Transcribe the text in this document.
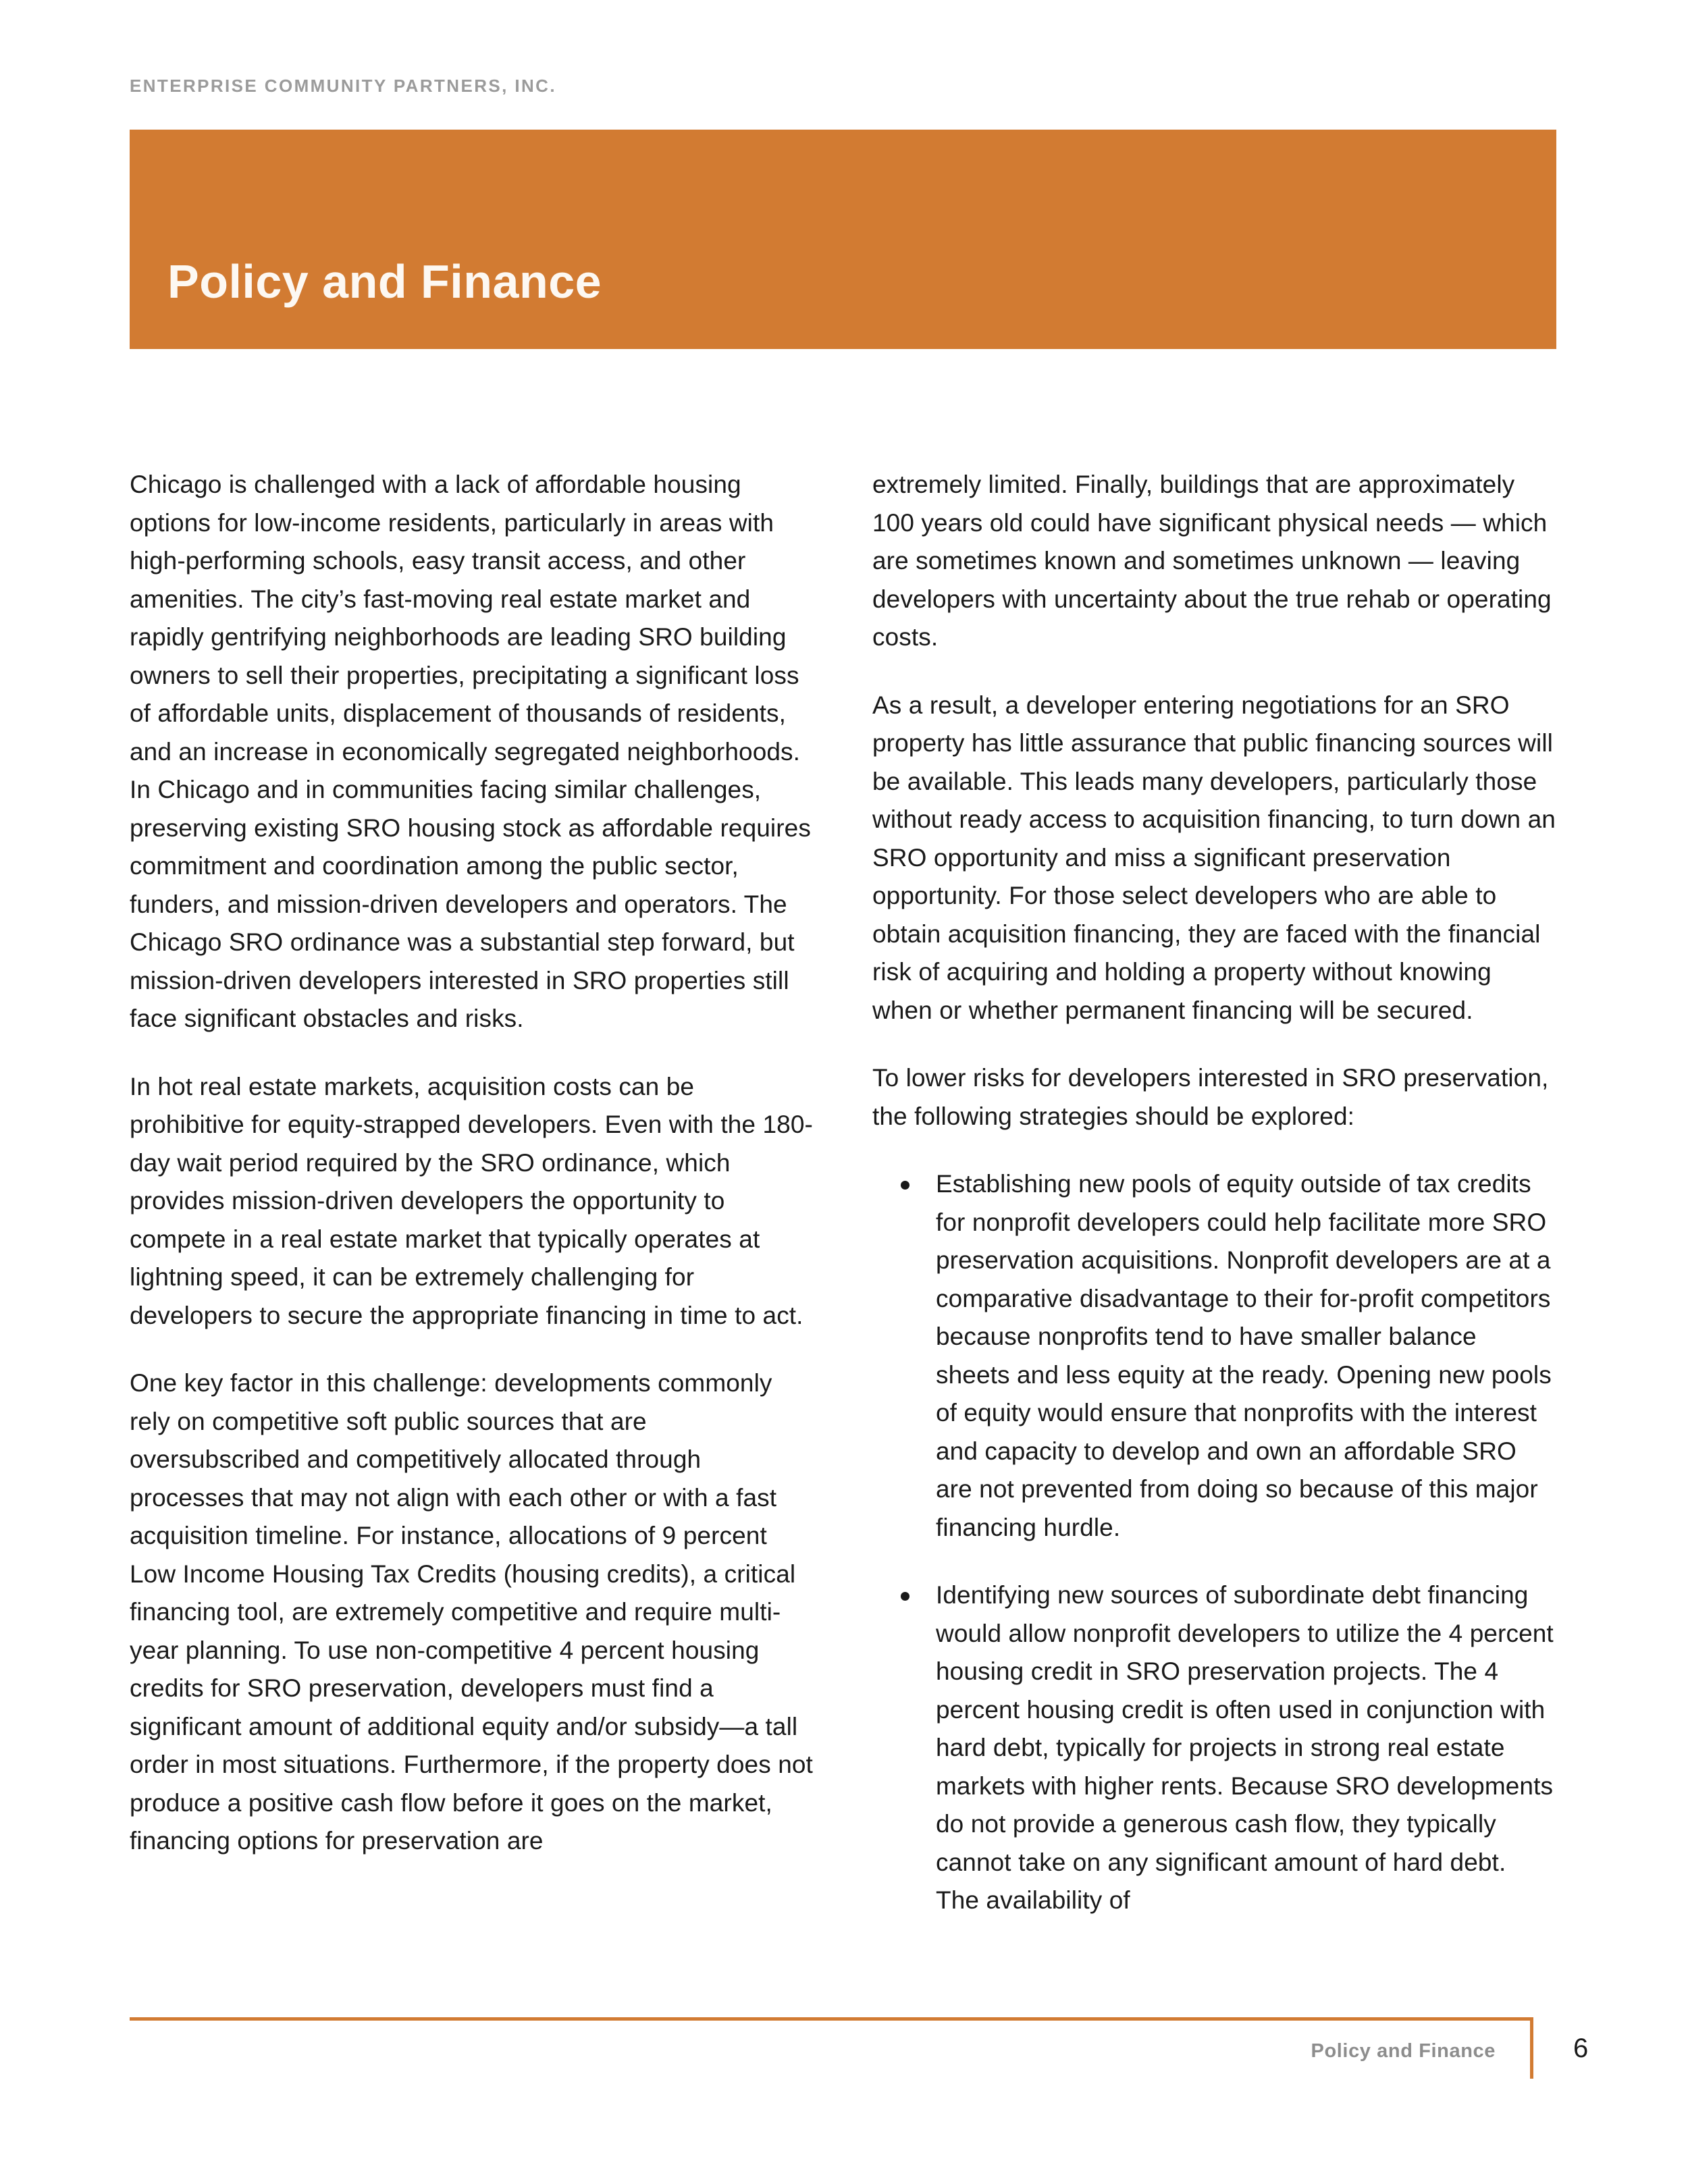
ENTERPRISE COMMUNITY PARTNERS, INC.
Policy and Finance

Chicago is challenged with a lack of affordable housing options for low-income residents, particularly in areas with high-performing schools, easy transit access, and other amenities. The city’s fast-moving real estate market and rapidly gentrifying neighborhoods are leading SRO building owners to sell their properties, precipitating a significant loss of affordable units, displacement of thousands of residents, and an increase in economically segregated neighborhoods. In Chicago and in communities facing similar challenges, preserving existing SRO housing stock as affordable requires commitment and coordination among the public sector, funders, and mission-driven developers and operators. The Chicago SRO ordinance was a substantial step forward, but mission-driven developers interested in SRO properties still face significant obstacles and risks.

In hot real estate markets, acquisition costs can be prohibitive for equity-strapped developers. Even with the 180-day wait period required by the SRO ordinance, which provides mission-driven developers the opportunity to compete in a real estate market that typically operates at lightning speed, it can be extremely challenging for developers to secure the appropriate financing in time to act.

One key factor in this challenge: developments commonly rely on competitive soft public sources that are oversubscribed and competitively allocated through processes that may not align with each other or with a fast acquisition timeline. For instance, allocations of 9 percent Low Income Housing Tax Credits (housing credits), a critical financing tool, are extremely competitive and require multi-year planning. To use non-competitive 4 percent housing credits for SRO preservation, developers must find a significant amount of additional equity and/or subsidy—a tall order in most situations. Furthermore, if the property does not produce a positive cash flow before it goes on the market, financing options for preservation are

extremely limited. Finally, buildings that are approximately 100 years old could have significant physical needs — which are sometimes known and sometimes unknown — leaving developers with uncertainty about the true rehab or operating costs.

As a result, a developer entering negotiations for an SRO property has little assurance that public financing sources will be available. This leads many developers, particularly those without ready access to acquisition financing, to turn down an SRO opportunity and miss a significant preservation opportunity. For those select developers who are able to obtain acquisition financing, they are faced with the financial risk of acquiring and holding a property without knowing when or whether permanent financing will be secured.

To lower risks for developers interested in SRO preservation, the following strategies should be explored:

Establishing new pools of equity outside of tax credits for nonprofit developers could help facilitate more SRO preservation acquisitions. Nonprofit developers are at a comparative disadvantage to their for-profit competitors because nonprofits tend to have smaller balance sheets and less equity at the ready. Opening new pools of equity would ensure that nonprofits with the interest and capacity to develop and own an affordable SRO are not prevented from doing so because of this major financing hurdle.
Identifying new sources of subordinate debt financing would allow nonprofit developers to utilize the 4 percent housing credit in SRO preservation projects. The 4 percent housing credit is often used in conjunction with hard debt, typically for projects in strong real estate markets with higher rents. Because SRO developments do not provide a generous cash flow, they typically cannot take on any significant amount of hard debt. The availability of
Policy and Finance	6
